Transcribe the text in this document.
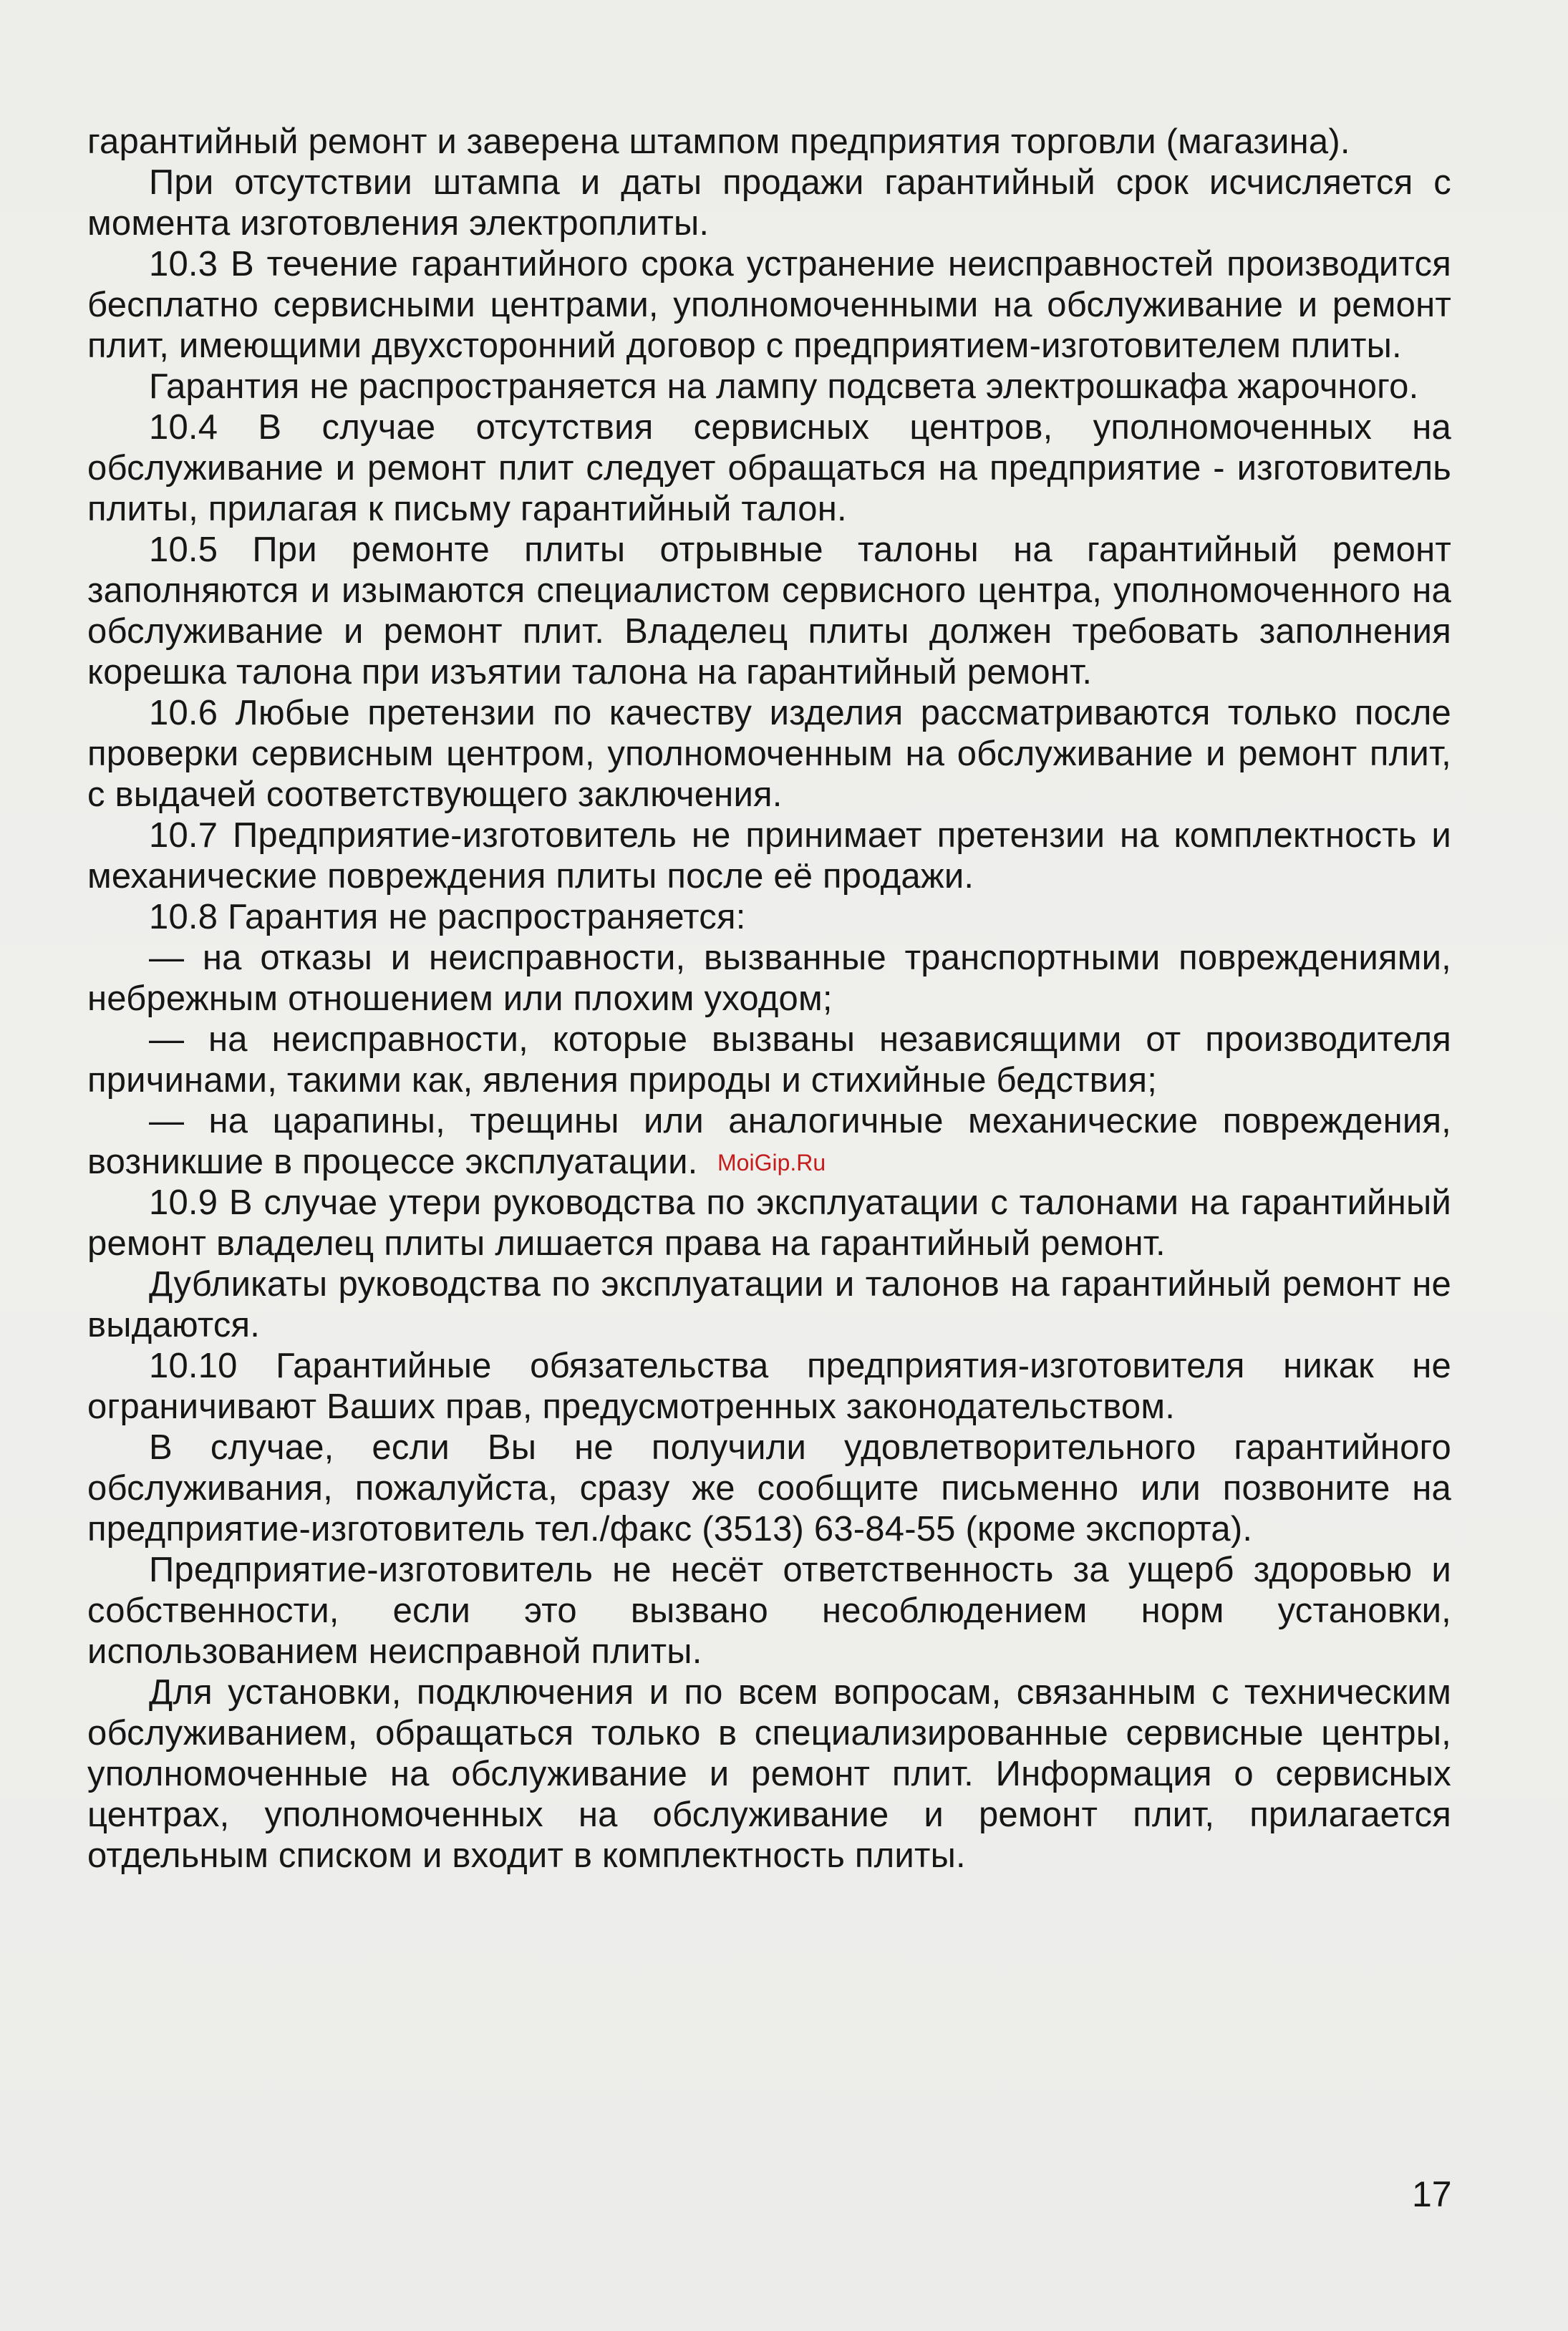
гарантийный ремонт и заверена штампом предприятия торговли (магазина).

При отсутствии штампа и даты продажи гарантийный срок исчисляется с момента изготовления электроплиты.

10.3 В течение гарантийного срока устранение неисправностей производится бесплатно сервисными центрами, уполномоченными на обслуживание и ремонт плит, имеющими двухсторонний договор с предприятием-изготовителем плиты.

Гарантия не распространяется на лампу подсвета электрошкафа жарочного.

10.4 В случае отсутствия сервисных центров, уполномоченных на обслуживание и ремонт плит следует обращаться на предприятие - изготовитель плиты, прилагая к письму гарантийный талон.

10.5 При ремонте плиты отрывные талоны на гарантийный ремонт заполняются и изымаются специалистом сервисного центра, уполномоченного на обслуживание и ремонт плит. Владелец плиты должен требовать заполнения корешка талона при изъятии талона на гарантийный ремонт.

10.6 Любые претензии по качеству изделия рассматриваются только после проверки сервисным центром, уполномоченным на обслуживание и ремонт плит, с выдачей соответствующего заключения.

10.7 Предприятие-изготовитель не принимает претензии на комплектность и механические повреждения плиты после её продажи.

10.8 Гарантия не распространяется:

— на отказы и неисправности, вызванные транспортными повреждениями, небрежным отношением или плохим уходом;

— на неисправности, которые вызваны независящими от производителя причинами, такими как, явления природы и стихийные бедствия;

— на царапины, трещины или аналогичные механические повреждения, возникшие в процессе эксплуатации.

10.9 В случае утери руководства по эксплуатации с талонами на гарантийный ремонт владелец плиты лишается права на гарантийный ремонт.

Дубликаты руководства по эксплуатации и талонов на гарантийный ремонт не выдаются.

10.10 Гарантийные обязательства предприятия-изготовителя никак не ограничивают Ваших прав, предусмотренных законодательством.

В случае, если Вы не получили удовлетворительного гарантийного обслуживания, пожалуйста, сразу же сообщите письменно или позвоните на предприятие-изготовитель тел./факс (3513) 63-84-55 (кроме экспорта).

Предприятие-изготовитель не несёт ответственность за ущерб здоровью и собственности, если это вызвано несоблюдением норм установки, использованием неисправной плиты.

Для установки, подключения и по всем вопросам, связанным с техническим обслуживанием, обращаться только в специализированные сервисные центры, уполномоченные на обслуживание и ремонт плит. Информация о сервисных центрах, уполномоченных на обслуживание и ремонт плит, прилагается отдельным списком и входит в комплектность плиты.

MoiGip.Ru
17
